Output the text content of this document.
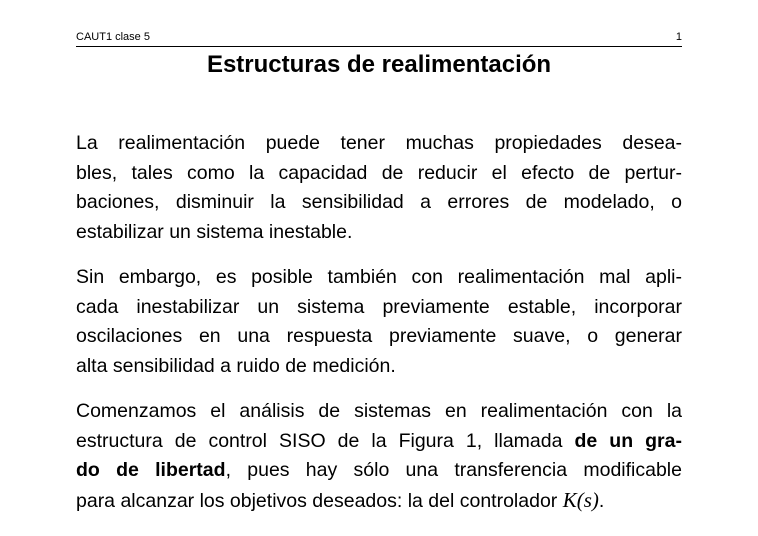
CAUT1 clase 5	1
Estructuras de realimentación
La realimentación puede tener muchas propiedades desea-
bles, tales como la capacidad de reducir el efecto de pertur-
baciones, disminuir la sensibilidad a errores de modelado, o
estabilizar un sistema inestable.
Sin embargo, es posible también con realimentación mal apli-
cada inestabilizar un sistema previamente estable, incorporar
oscilaciones en una respuesta previamente suave, o generar
alta sensibilidad a ruido de medición.
Comenzamos el análisis de sistemas en realimentación con la
estructura de control SISO de la Figura 1, llamada de un gra-
do de libertad, pues hay sólo una transferencia modificable
para alcanzar los objetivos deseados: la del controlador K(s).
